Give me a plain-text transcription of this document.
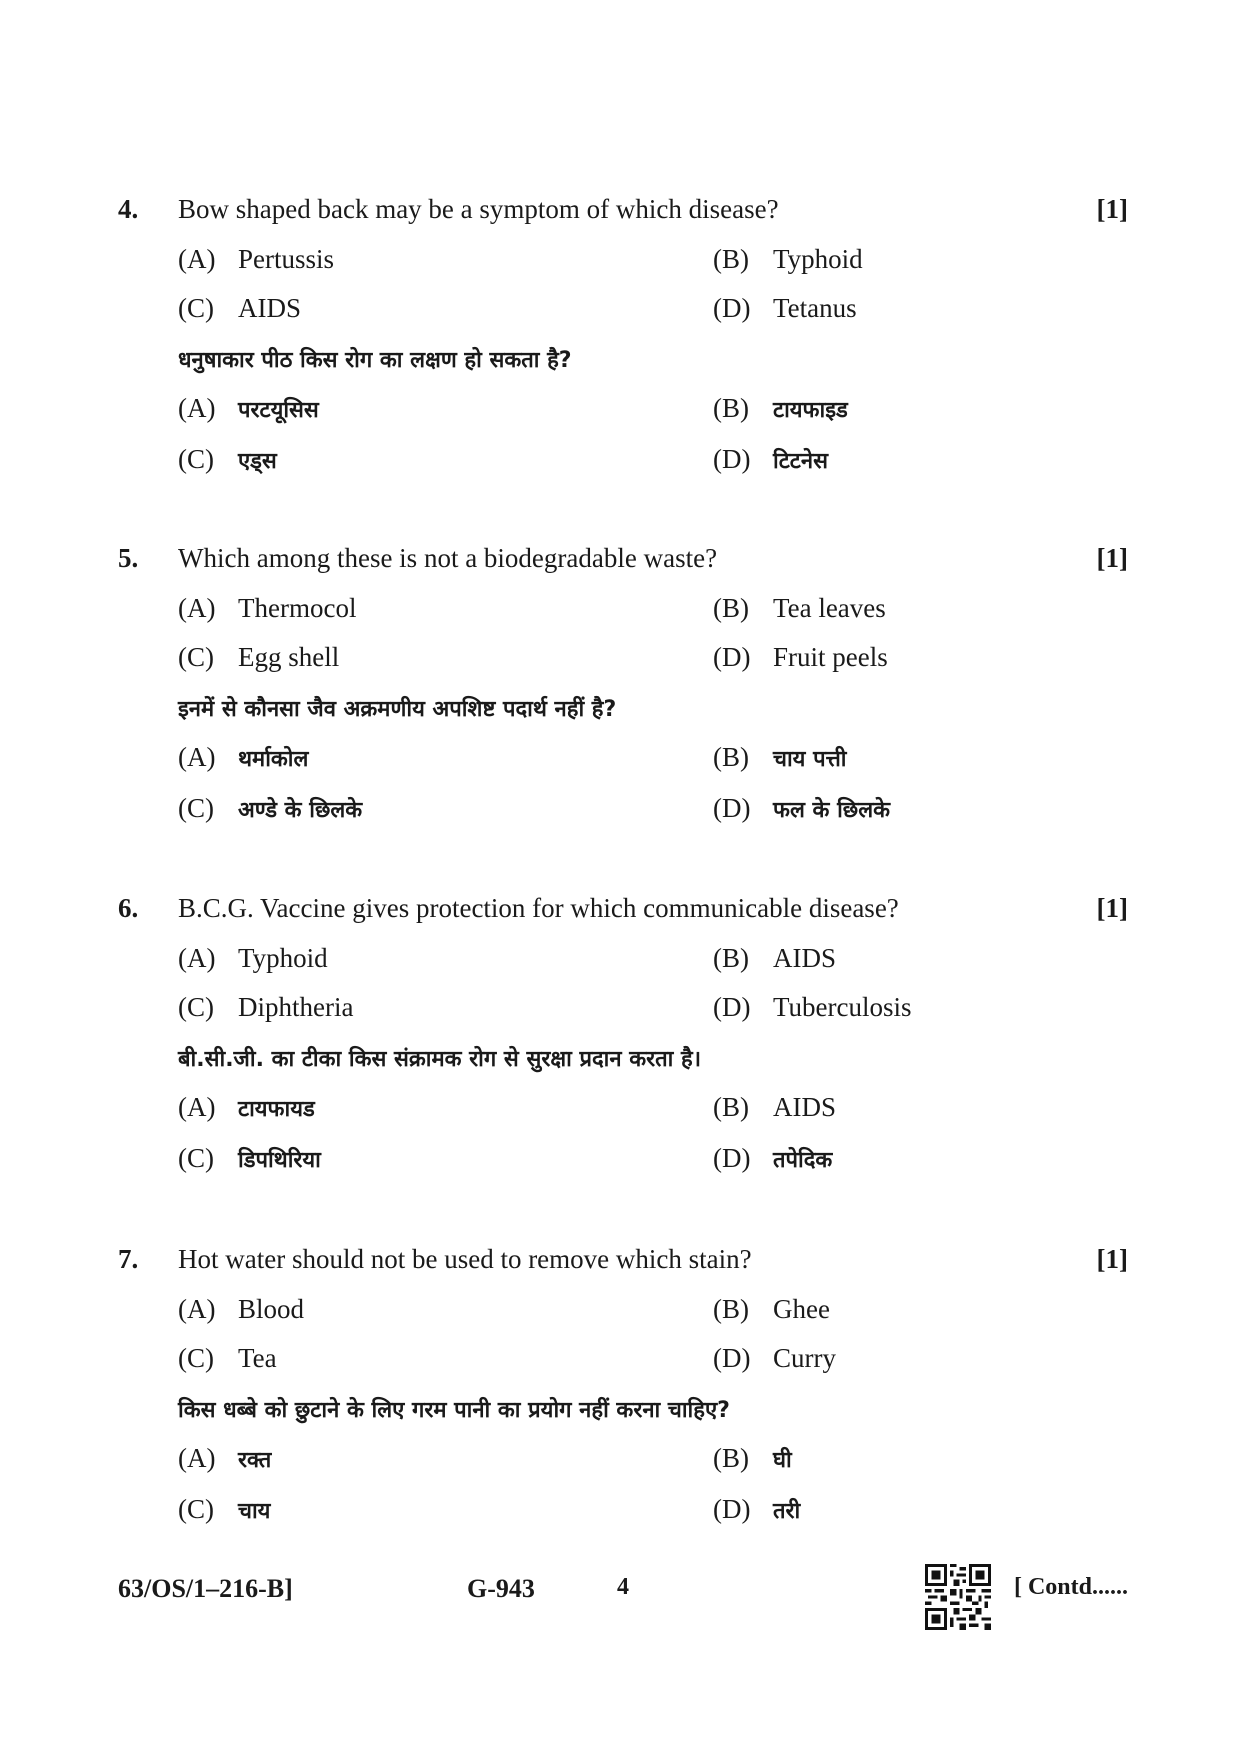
4. Bow shaped back may be a symptom of which disease?	[1]
(A) Pertussis	(B) Typhoid
(C) AIDS	(D) Tetanus
धनुषाकार पीठ किस रोग का लक्षण हो सकता है?
(A) परटयूसिस	(B) टायफाइड
(C) एड्स	(D) टिटनेस
5. Which among these is not a biodegradable waste?	[1]
(A) Thermocol	(B) Tea leaves
(C) Egg shell	(D) Fruit peels
इनमें से कौनसा जैव अक्रमणीय अपशिष्ट पदार्थ नहीं है?
(A) थर्माकोल	(B) चाय पत्ती
(C) अण्डे के छिलके	(D) फल के छिलके
6. B.C.G. Vaccine gives protection for which communicable disease?	[1]
(A) Typhoid	(B) AIDS
(C) Diphtheria	(D) Tuberculosis
बी.सी.जी. का टीका किस संक्रामक रोग से सुरक्षा प्रदान करता है।
(A) टायफायड	(B) AIDS
(C) डिपथिरिया	(D) तपेदिक
7. Hot water should not be used to remove which stain?	[1]
(A) Blood	(B) Ghee
(C) Tea	(D) Curry
किस धब्बे को छुटाने के लिए गरम पानी का प्रयोग नहीं करना चाहिए?
(A) रक्त	(B) घी
(C) चाय	(D) तरी
63/OS/1–216-B]	G-943	4	[ Contd......
